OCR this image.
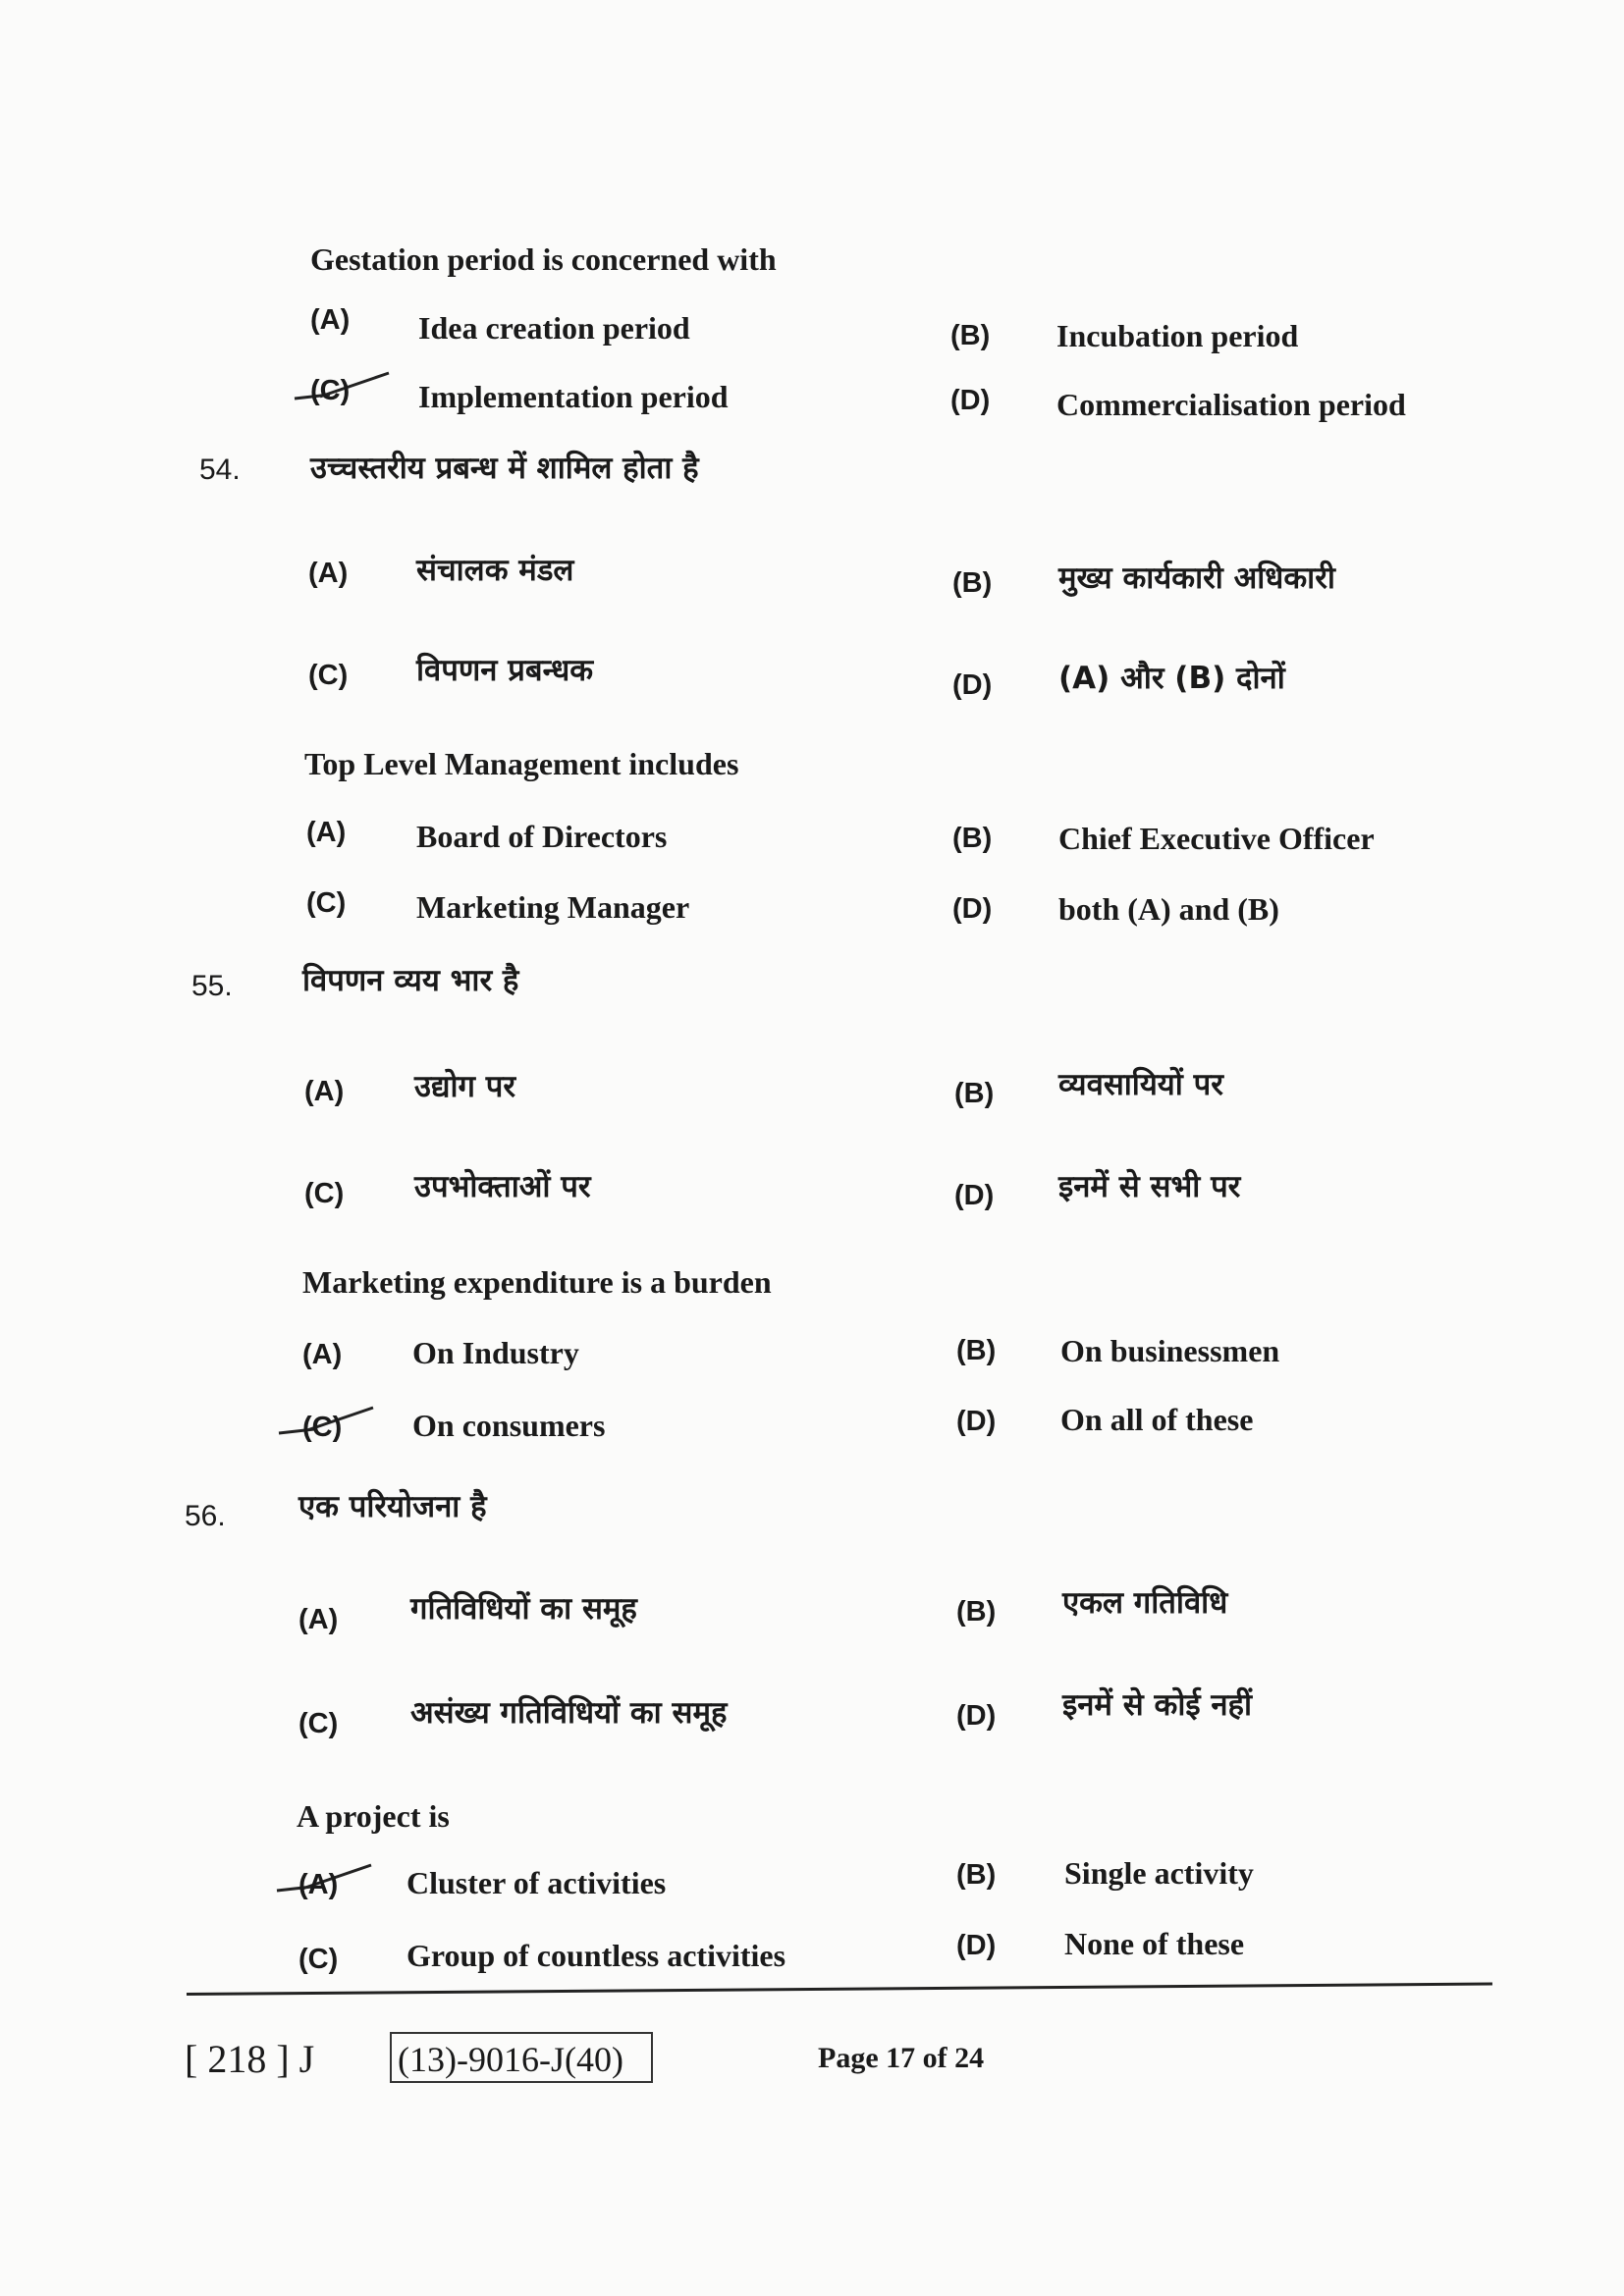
Gestation period is concerned with
(A) Idea creation period	(B) Incubation period
(C) Implementation period	(D) Commercialisation period
54. उच्चस्तरीय प्रबन्ध में शामिल होता है
(A) संचालक मंडल	(B) मुख्य कार्यकारी अधिकारी
(C) विपणन प्रबन्धक	(D) (A) और (B) दोनों
Top Level Management includes
(A) Board of Directors	(B) Chief Executive Officer
(C) Marketing Manager	(D) both (A) and (B)
55. विपणन व्यय भार है
(A) उद्योग पर	(B) व्यवसायियों पर
(C) उपभोक्ताओं पर	(D) इनमें से सभी पर
Marketing expenditure is a burden
(A) On Industry	(B) On businessmen
(C) On consumers	(D) On all of these
56. एक परियोजना है
(A) गतिविधियों का समूह	(B) एकल गतिविधि
(C) असंख्य गतिविधियों का समूह	(D) इनमें से कोई नहीं
A project is
(A) Cluster of activities	(B) Single activity
(C) Group of countless activities	(D) None of these
[ 218 ] J (13)-9016-J(40)	Page 17 of 24
